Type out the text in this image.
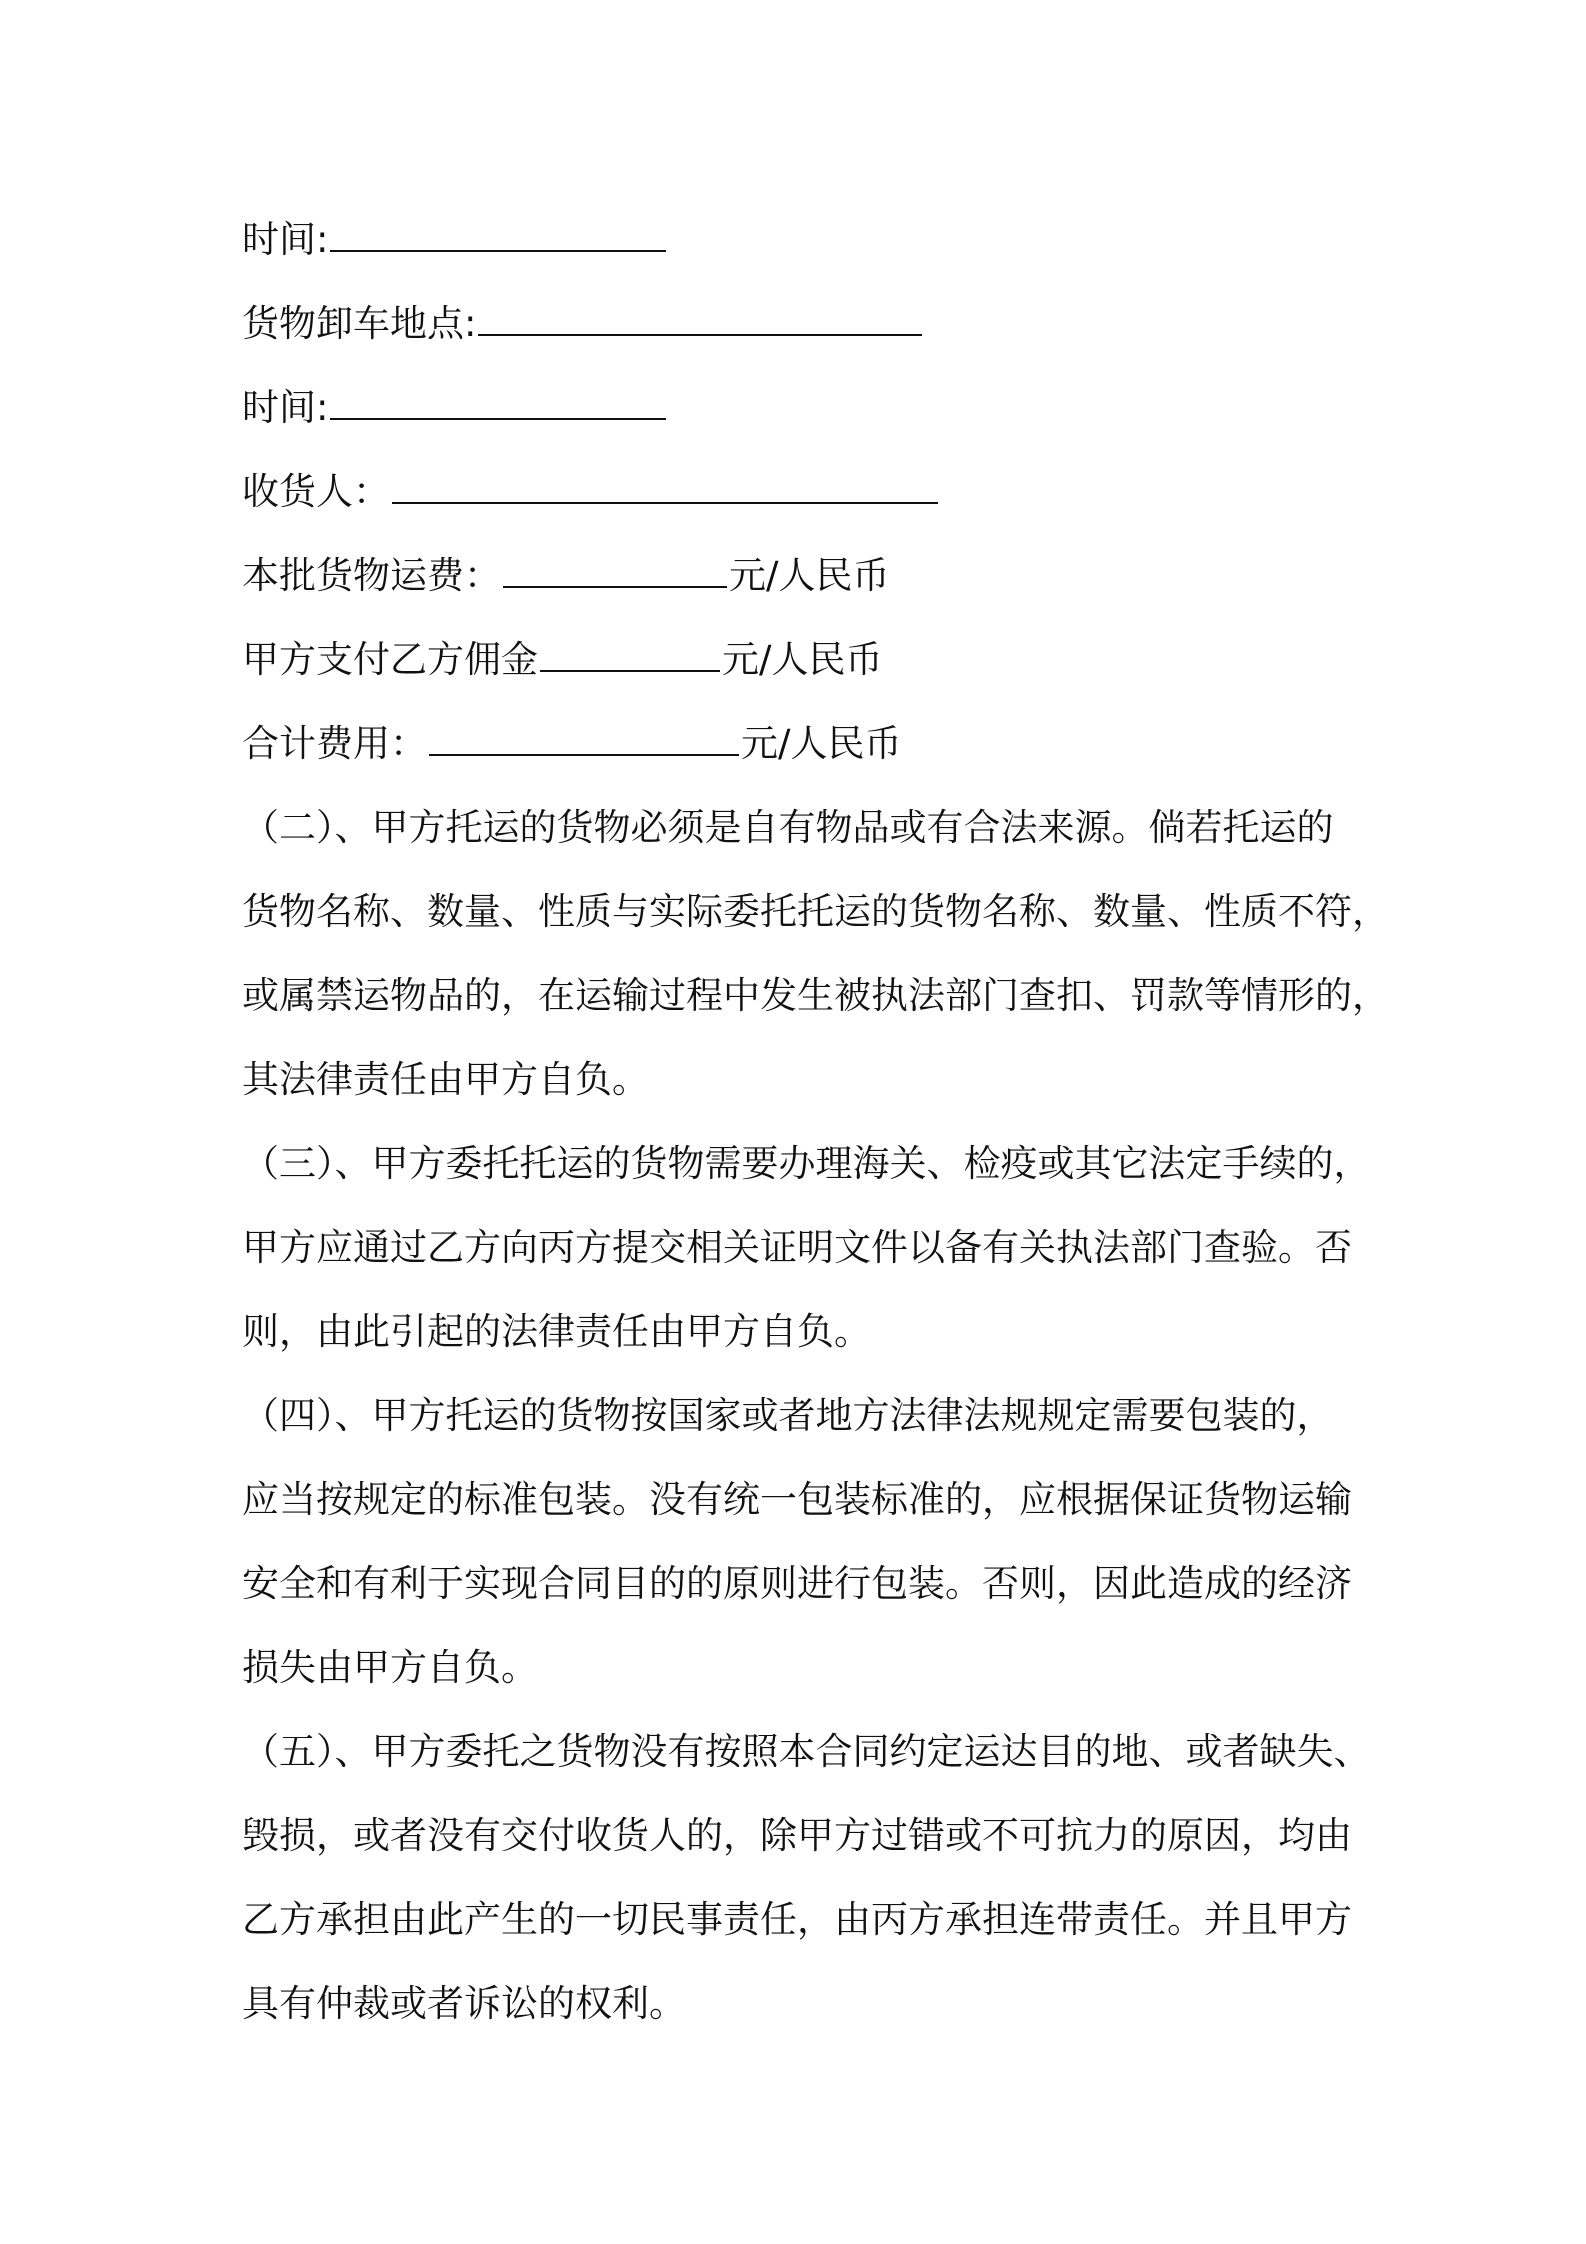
时间:
货物卸车地点:
时间:
收货人：
本批货物运费：	元/人民币
甲方支付乙方佣金	元/人民币
合计费用：	元/人民币
（二）、甲方托运的货物必须是自有物品或有合法来源。倘若托运的
货物名称、数量、性质与实际委托托运的货物名称、数量、性质不符，
或属禁运物品的，在运输过程中发生被执法部门查扣、罚款等情形的，
其法律责任由甲方自负。
（三）、甲方委托托运的货物需要办理海关、检疫或其它法定手续的，
甲方应通过乙方向丙方提交相关证明文件以备有关执法部门查验。否
则，由此引起的法律责任由甲方自负。
（四）、甲方托运的货物按国家或者地方法律法规规定需要包装的，
应当按规定的标准包装。没有统一包装标准的，应根据保证货物运输
安全和有利于实现合同目的的原则进行包装。否则，因此造成的经济
损失由甲方自负。
（五）、甲方委托之货物没有按照本合同约定运达目的地、或者缺失、
毁损，或者没有交付收货人的，除甲方过错或不可抗力的原因，均由
乙方承担由此产生的一切民事责任，由丙方承担连带责任。并且甲方
具有仲裁或者诉讼的权利。
